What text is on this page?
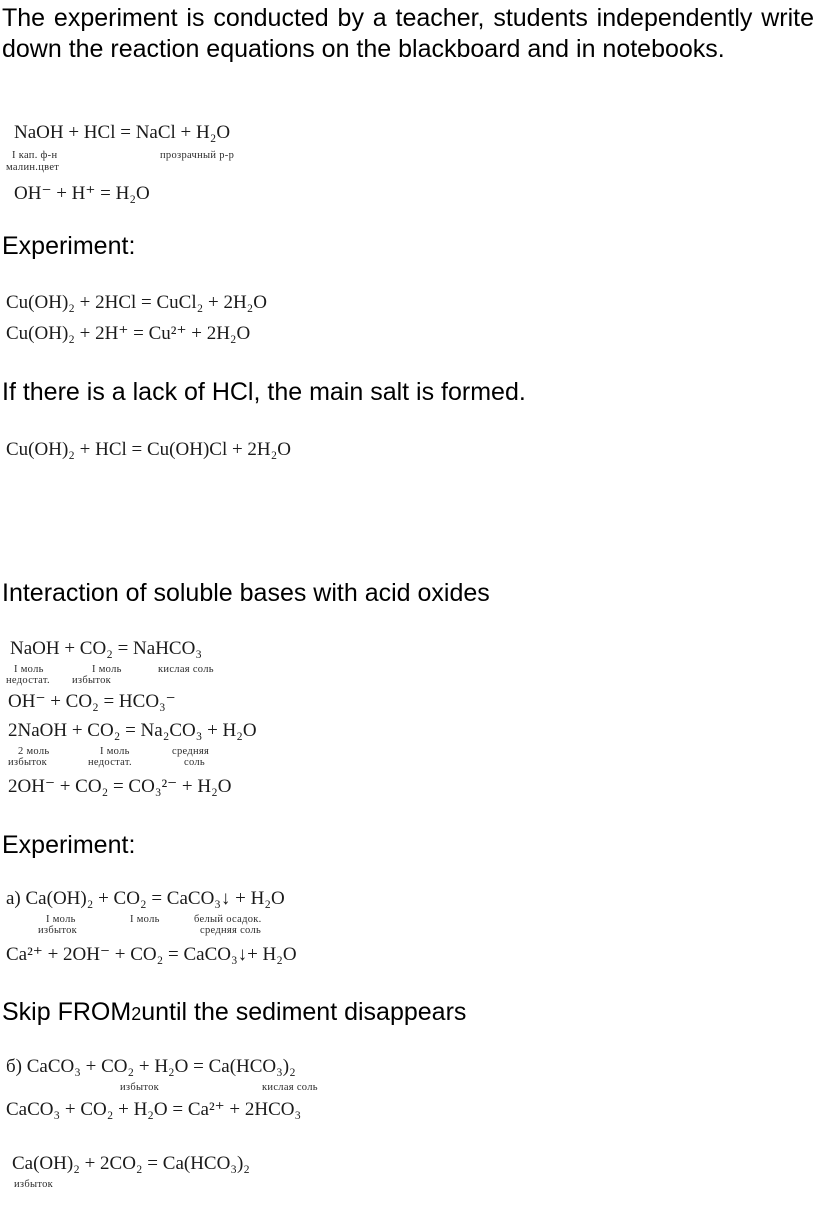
The experiment is conducted by a teacher, students independently write down the reaction equations on the blackboard and in notebooks.
NaOH + HCl = NaCl + H₂O
I кап. ф-н
малин.цвет
прозрачный р-р
OH⁻ + H⁺ = H₂O
Experiment:
Cu(OH)₂ + 2HCl = CuCl₂ + 2H₂O
Cu(OH)₂ + 2H⁺ = Cu²⁺ + 2H₂O
If there is a lack of HCl, the main salt is formed.
Cu(OH)₂ + HCl = Cu(OH)Cl + 2H₂O
Interaction of soluble bases with acid oxides
NaOH + CO₂ = NaHCO₃
I моль
недостат.
I моль
избыток
кислая соль
OH⁻ + CO₂ = HCO₃⁻
2NaOH + CO₂ = Na₂CO₃ + H₂O
2 моль
избыток
I моль
недостат.
средняя
соль
2OH⁻ + CO₂ = CO₃²⁻ + H₂O
Experiment:
а) Ca(OH)₂ + CO₂ = CaCO₃↓ + H₂O
I моль
избыток
I моль	белый осадок.
средняя соль
Ca²⁺ + 2OH⁻ + CO₂ = CaCO₃↓+ H₂O
Skip FROM2until the sediment disappears
б) CaCO₃ + CO₂ + H₂O = Ca(HCO₃)₂
избыток	кислая соль
CaCO₃ + CO₂ + H₂O = Ca²⁺ + 2HCO₃
Ca(OH)₂ + 2CO₂ = Ca(HCO₃)₂
избыток
